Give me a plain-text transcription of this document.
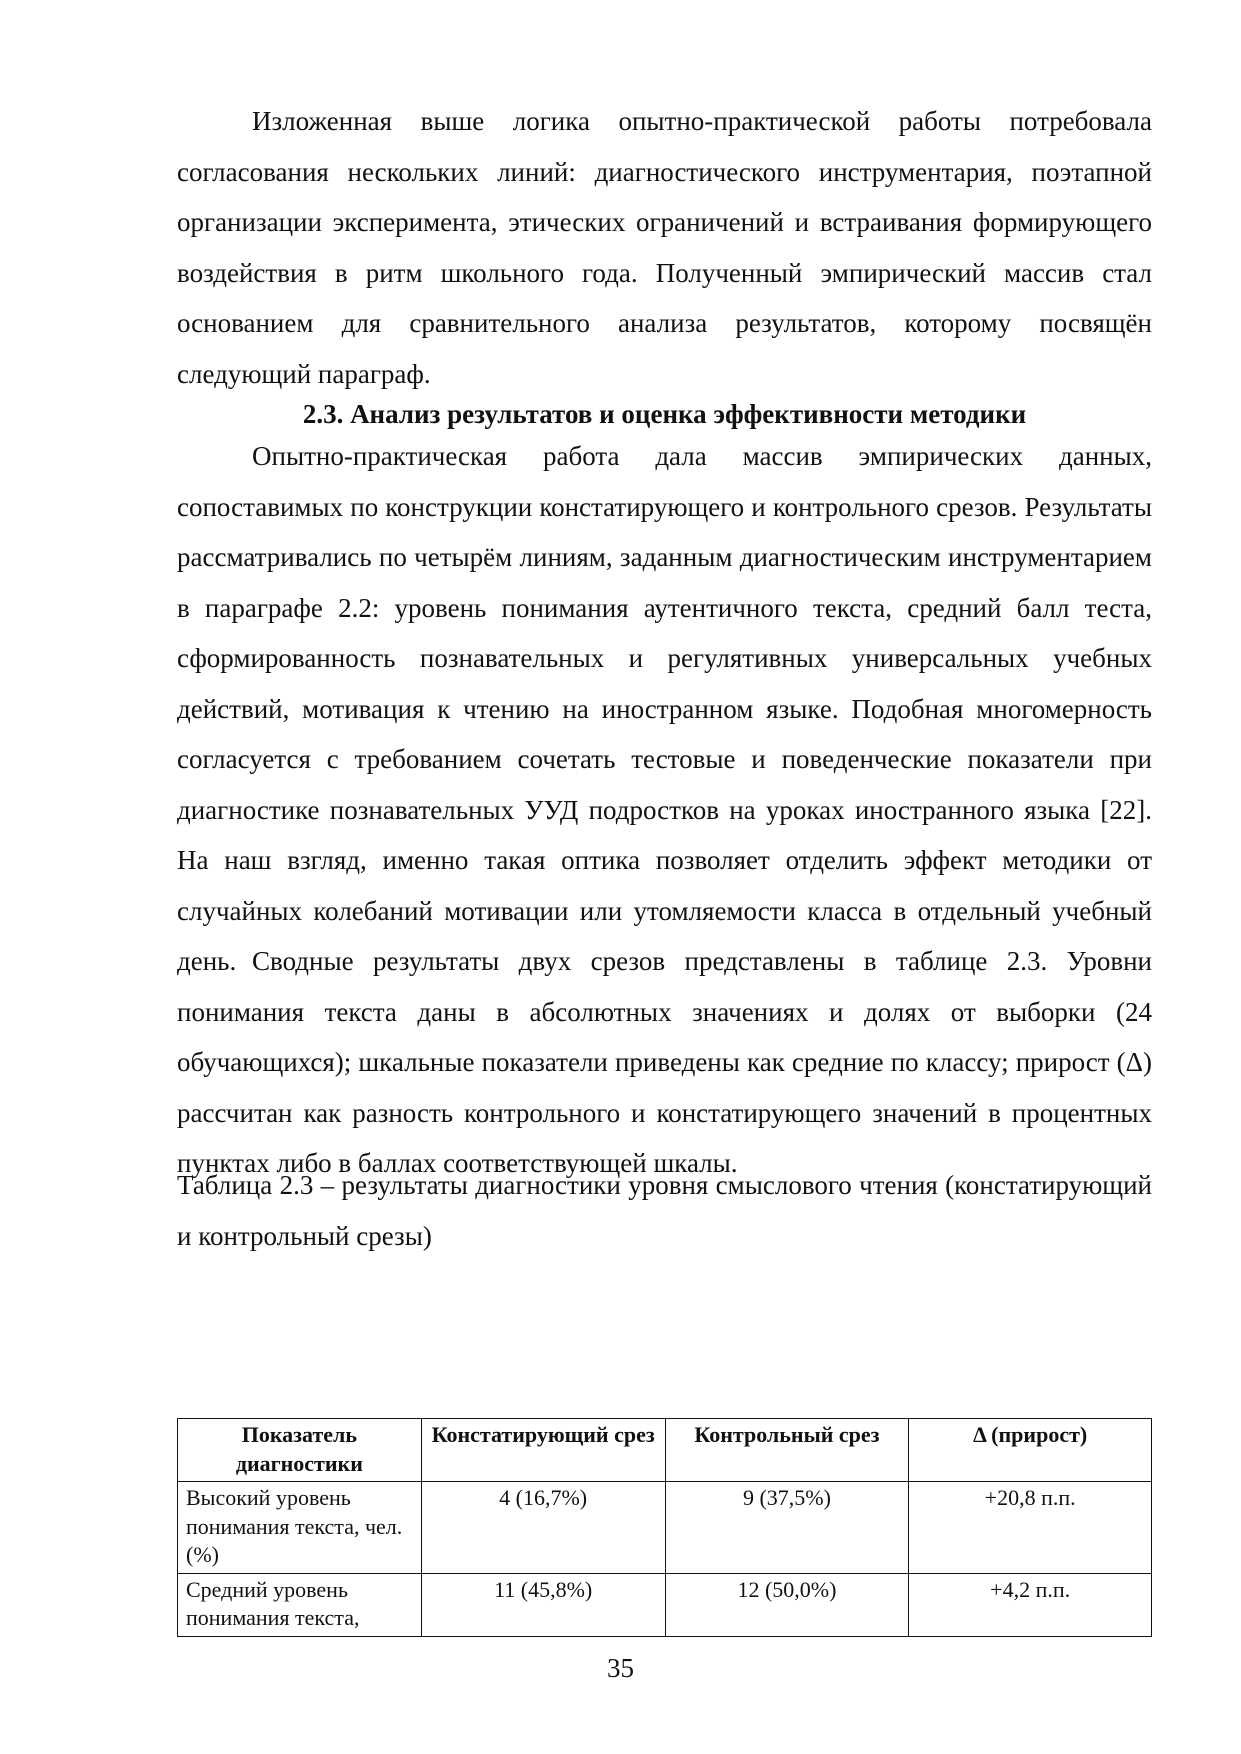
Изложенная выше логика опытно-практической работы потребовала согласования нескольких линий: диагностического инструментария, поэтапной организации эксперимента, этических ограничений и встраивания формирующего воздействия в ритм школьного года. Полученный эмпирический массив стал основанием для сравнительного анализа результатов, которому посвящён следующий параграф.

2.3. Анализ результатов и оценка эффективности методики

Опытно-практическая работа дала массив эмпирических данных, сопоставимых по конструкции констатирующего и контрольного срезов. Результаты рассматривались по четырём линиям, заданным диагностическим инструментарием в параграфе 2.2: уровень понимания аутентичного текста, средний балл теста, сформированность познавательных и регулятивных универсальных учебных действий, мотивация к чтению на иностранном языке. Подобная многомерность согласуется с требованием сочетать тестовые и поведенческие показатели при диагностике познавательных УУД подростков на уроках иностранного языка [22]. На наш взгляд, именно такая оптика позволяет отделить эффект методики от случайных колебаний мотивации или утомляемости класса в отдельный учебный день. Сводные результаты двух срезов представлены в таблице 2.3. Уровни понимания текста даны в абсолютных значениях и долях от выборки (24 обучающихся); шкальные показатели приведены как средние по классу; прирост (Δ) рассчитан как разность контрольного и констатирующего значений в процентных пунктах либо в баллах соответствующей шкалы.

Таблица 2.3 – результаты диагностики уровня смыслового чтения (констатирующий и контрольный срезы)

Показатель диагностики	Констатирующий срез	Контрольный срез	Δ (прирост)
Высокий уровень понимания текста, чел. (%)	4 (16,7%)	9 (37,5%)	+20,8 п.п.
Средний уровень понимания текста,	11 (45,8%)	12 (50,0%)	+4,2 п.п.
35
